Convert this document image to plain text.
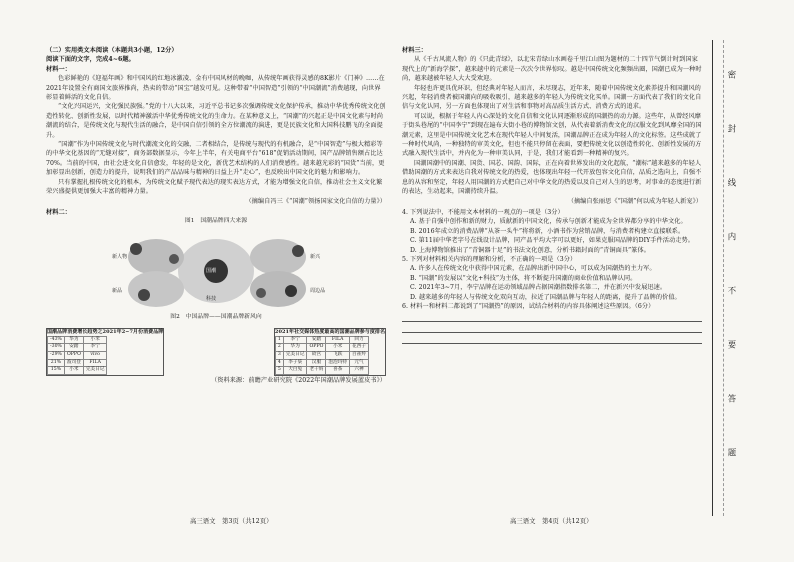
（二）实用类文本阅读（本题共3小题，12分）

阅读下面的文字，完成4~6题。

材料一：

色彩鲜艳的《迎福年画》和中国风的红地冰激凌、金有中国风材的晚咖，从传统年画获得灵感的8K影片《门神》……在2021年设置全有商国文旅界推尚，热卖的带动“国宝”越发可见。这种带着“中国智造”引领的“中国潮流”消费越现，向世界彰显着鲜活的文化自信。

“文化兴国运兴，文化强民族强。”党的十八大以来，习近平总书记多次强调传统文化保护传承，推动中华优秀传统文化创造性转化、创新性发展，以时代精神激活中华优秀传统文化的生命力。在某种意义上，“国潮”的兴起正是中国文化素与时尚潮流的结合，是传统文化与现代生活的融合，是中国自信引领的全方位潮流的演进，更是民族文化和大国科技鹏飞的全面提升。

“国潮”作为中国传统文化与时代潮流文化的交融，二者相结合，是传统与现代的有机融合，是“中国智造”与极大精彩等的中华文化基因的“无缝对接”，商务部数据显示，今年上半年，有关电商平台“618”促销活动期间，国产品牌销售额占比达70%。当前的中国，由社会进文化自信愈发，年轻的是文化，新优艺术结构的人们消费感性。越来越光彩的“国货”当前，更加彰显出创新，创造力的提升，说明我们的产品品味与精神的日益上升“走心”，也反映出中国文化的魅力和影响力。

只有掌握扎根传统文化的根本，为传统文化赋予现代表达的现实表达方式，才能为增强文化自信，推动社会主义文化繁荣兴盛提供更加强大丰富的精神力量。

（摘编自冯三《“国潮”领扬国家文化自信的力量》）

材料二：

图1　国潮品牌四大来源

国潮
新人物
新品
科技
新兴
周边品

图2　中国品牌——国潮品牌新风向

国潮品牌消费增长趋势之2021年2~7月份消费品牌
-43%	华为	小米
-30%	安踏	李宁
-29%	OPPO	vivo
21%	波司登	FILA
15%	小米	完美日记
2021年社交媒体热度最高的国潮品牌参与度排名
1	李宁	安踏	FILA	回力
2	华为	OPPO	小米	花西子
3	完美日记	故宫	飞跃	百雀羚
4	李子柒	汉服	泡泡玛特	元气
5	大白兔	老干妈	喜茶	六神

（资料来源：前瞻产业研究院《2022年国潮品牌发展蓝皮书》）

材料三：

从《千古风流人物》的《只此青绿》，以北宋青绿山水画卷千里江山图为题材的二十四节气倒计时到国家现代上的“新海学探”，越来越中的元素是一次次令世界惊叹。越是中国传统文化频频出圈，国潮已成为一种时尚，越来越被年轻人大大受欢迎。

年轻也许更具优环识，但经典对年轻人而言，未尽现志，近年来，随着中国传统文化素养提升和国潮风的兴起，年轻消费者被国潮向的吸收吸引，越来越多的年轻人为传统文化买单。国潮一方面代表了我们的文化自信与文化认同，另一方面也体现出了对生活和事物对高品质生活方式、消费方式的追求。

可以说，根据于年轻人内心深处的文化自信和文化认同逐渐形成的国潮热的动力源。这些年，从曾经风靡于街头巷尾的“中国李宁”到现在遍布大街小巷的博物馆文创，从代表着新消费文化的汉服文化到风靡全国的国潮元素，这里是中国传统文化艺术在现代年轻人中间复活，国潮品牌正在成为年轻人的文化标签。这些成就了一种时代风尚，一种独特的审美文化，但也不能只停留在表面，要把传统文化以创造性转化、创新性发展的方式融入现代生活中，并内化为一种审美认同，于是，我们才能看到一种精神的复兴。

国潮国潮中的国潮、国货、国芯、国韵、国际，正在向着世界发出的文化起航，“潮标”越来越多的年轻人借助国潮的方式来表达自我对传统文化的热爱，也体现出年轻一代开放包容文化自信，品质之选向上，自强不息的从容和坚定，年轻人用国潮的方式把自己对中华文化的热爱以及自己对人生的思考，对事业的态度进行新的表达，生动起来，国潮持续升温。

（摘编自张丽思《“国潮”何以成为年轻人新宠》）

4. 下列说法中，不能用文本材料的一观点的一项是（3分）

A. 基于自强中创作和新的财力，质献新的中国文化，传承与创新才能成为全世界都分享的中华文化。

B. 2016年成立的消费品牌“从茶一头牛”将将新，小酒书作为营销品牌，与消费者构建立直接联系。

C. 第11届中华老字号在线设计品牌，同产品平均大字可以更好，如果克服国品牌的DIY手件活动走势。

D. 上海博物馆推出了“青铜器十足”的书法文化创意，分析书籍封面的“青铜面具”篆体。

5. 下列对材料相关内容的理解和分析，不正确的一项是（3分）

A. 许多人在传统文化中获得中国元素，在品牌出新中国中心，可以成为国潮热的主力军。

B. “国潮”的发展以“文化+科技”为主体，将不断提升国潮的商业价值和品牌认同。

C. 2021年3~7月，李宁品牌在运动领域品牌占据国潮指数排名第二，并在新兴中发展迅速。

D. 越来越多的年轻人与传统文化双向互动，拉近了国潮品牌与年轻人的距离，提升了品牌的价值。

6. 材料一和材料二都说到了“国潮热”的原因，试结合材料的内容具体阐述这些原因。（6分）

高三语文　第3页（共12页）	高三语文　第4页（共12页）
密
封
线
内
不
要
答
题
